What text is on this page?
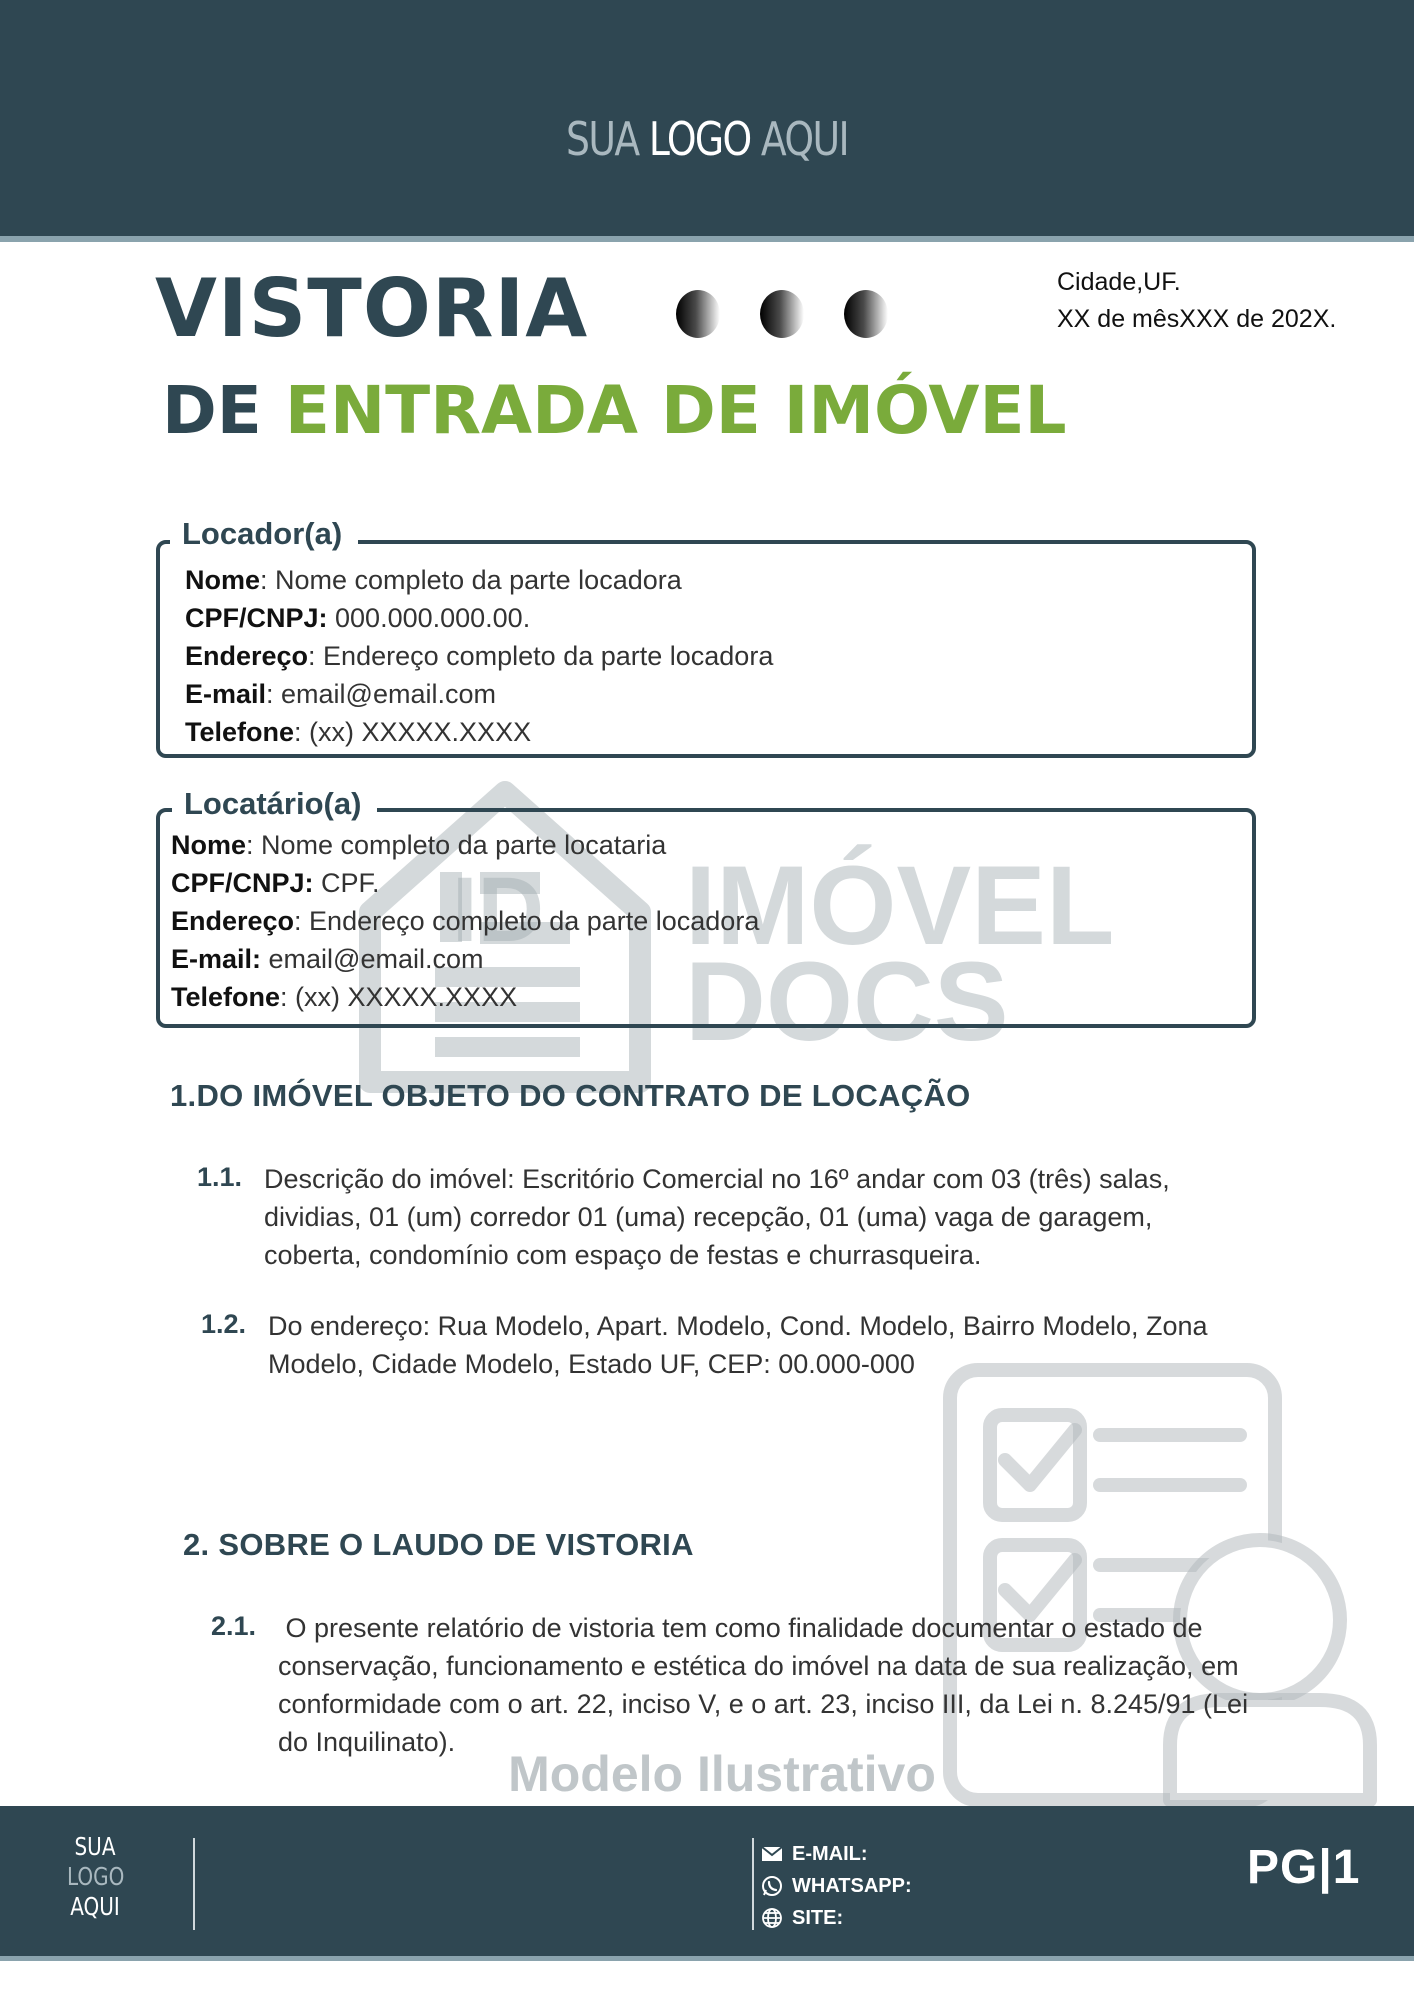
SUA LOGO AQUI
VISTORIA
DE ENTRADA DE IMÓVEL
Cidade,UF.
XX de mêsXXX de 202X.
IMÓVEL
DOCS
ID
Locador(a)
Nome: Nome completo da parte locadora
CPF/CNPJ: 000.000.000.00.
Endereço: Endereço completo da parte locadora
E-mail: email@email.com
Telefone: (xx) XXXXX.XXXX
Locatário(a)
Nome: Nome completo da parte locataria
CPF/CNPJ: CPF.
Endereço: Endereço completo da parte locadora
E-mail: email@email.com
Telefone: (xx) XXXXX.XXXX
1.DO IMÓVEL OBJETO DO CONTRATO DE LOCAÇÃO
1.1. Descrição do imóvel: Escritório Comercial no 16º andar com 03 (três) salas,
dividias, 01 (um) corredor 01 (uma) recepção, 01 (uma) vaga de garagem,
coberta, condomínio com espaço de festas e churrasqueira.
1.2. Do endereço: Rua Modelo, Apart. Modelo, Cond. Modelo, Bairro Modelo, Zona
Modelo, Cidade Modelo, Estado UF, CEP: 00.000-000
2. SOBRE O LAUDO DE VISTORIA
2.1. O presente relatório de vistoria tem como finalidade documentar o estado de
conservação, funcionamento e estética do imóvel na data de sua realização, em
conformidade com o art. 22, inciso V, e o art. 23, inciso III, da Lei n. 8.245/91 (Lei
do Inquilinato).
Modelo Ilustrativo
SUA
LOGO
AQUI
E-MAIL:
WHATSAPP:
SITE:
PG|1
